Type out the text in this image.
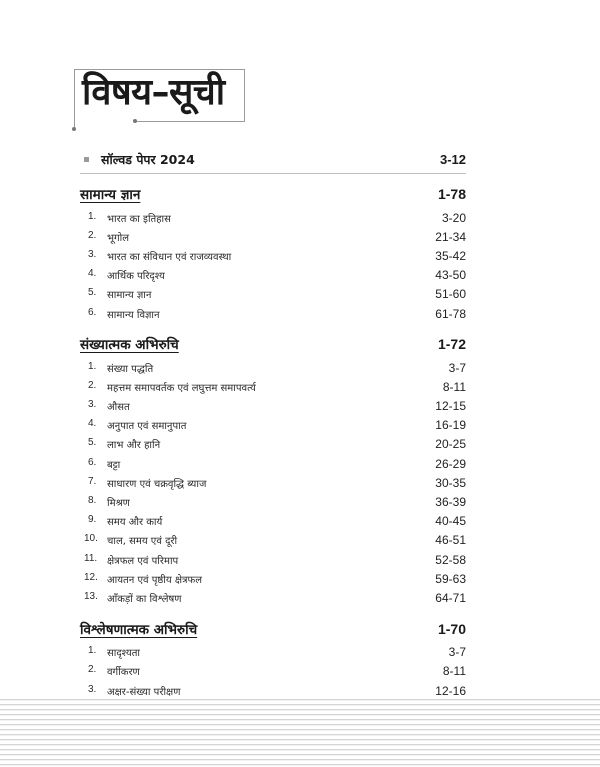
विषय–सूची
सॉल्वड पेपर 2024	3-12
सामान्य ज्ञान	1-78
1.	भारत का इतिहास	3-20
2.	भूगोल	21-34
3.	भारत का संविधान एवं राजव्यवस्था	35-42
4.	आर्थिक परिदृश्य	43-50
5.	सामान्य ज्ञान	51-60
6.	सामान्य विज्ञान	61-78
संख्यात्मक अभिरुचि	1-72
1.	संख्या पद्धति	3-7
2.	महत्तम समापवर्तक एवं लघुत्तम समापवर्त्य	8-11
3.	औसत	12-15
4.	अनुपात एवं समानुपात	16-19
5.	लाभ और हानि	20-25
6.	बट्टा	26-29
7.	साधारण एवं चक्रवृद्धि ब्याज	30-35
8.	मिश्रण	36-39
9.	समय और कार्य	40-45
10. चाल, समय एवं दूरी	46-51
11. क्षेत्रफल एवं परिमाप	52-58
12. आयतन एवं पृष्ठीय क्षेत्रफल	59-63
13. आँकड़ों का विश्लेषण	64-71
विश्लेषणात्मक अभिरुचि	1-70
1.	सादृश्यता	3-7
2.	वर्गीकरण	8-11
3.	अक्षर-संख्या परीक्षण	12-16
